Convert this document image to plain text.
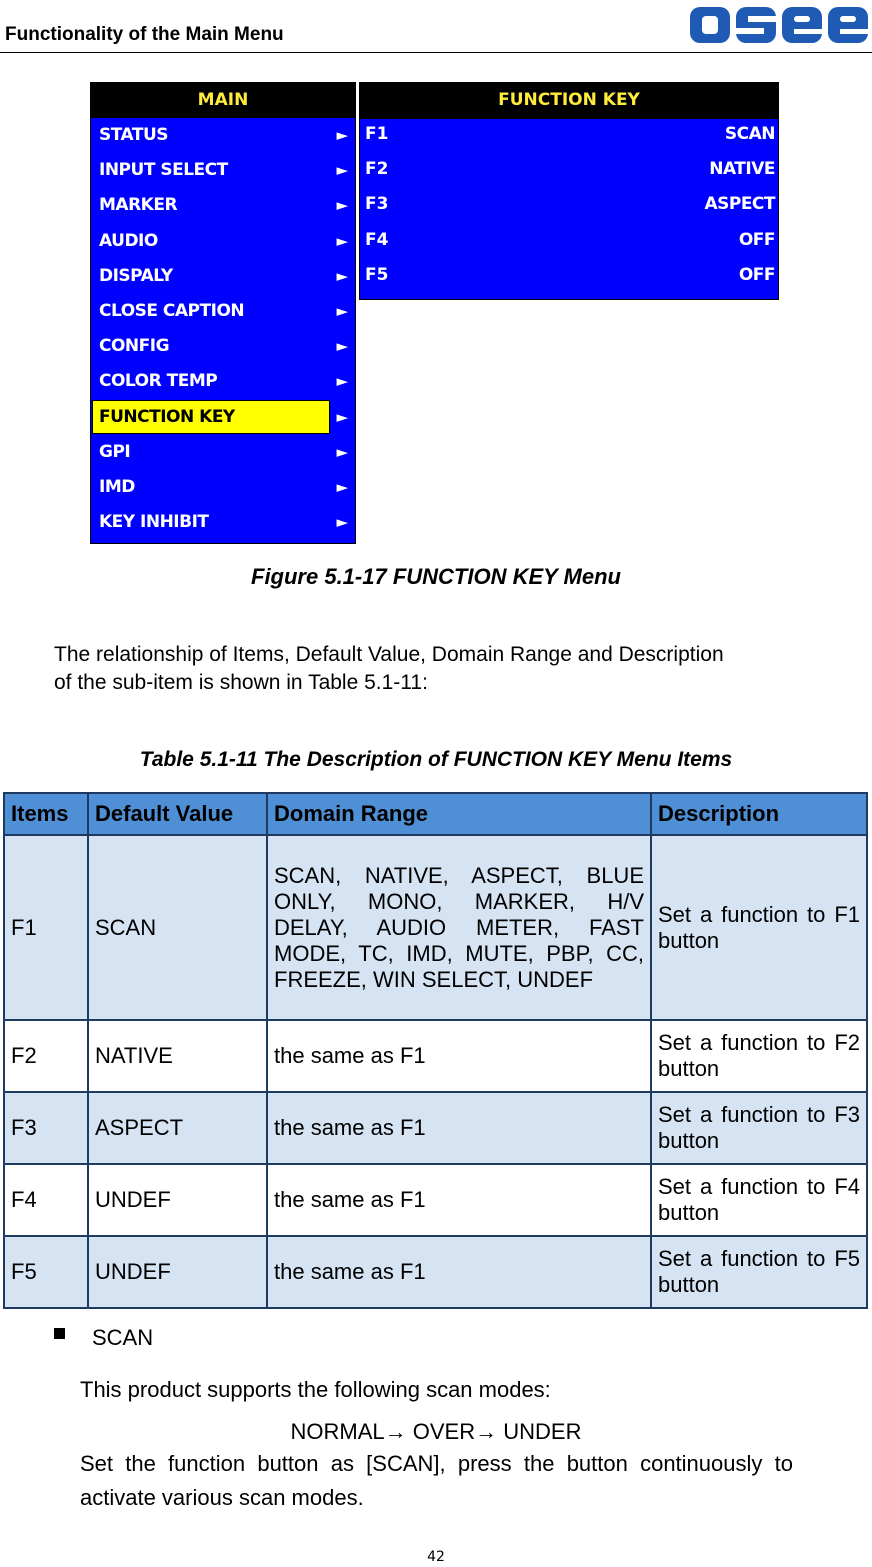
Functionality of the Main Menu
MAIN
STATUS	►
INPUT SELECT	►
MARKER	►
AUDIO	►
DISPALY	►
CLOSE CAPTION	►
CONFIG	►
COLOR TEMP	►
FUNCTION KEY	►
GPI	►
IMD	►
KEY INHIBIT	►
FUNCTION KEY
F1	SCAN
F2	NATIVE
F3	ASPECT
F4	OFF
F5	OFF
Figure 5.1-17 FUNCTION KEY Menu
The relationship of Items, Default Value, Domain Range and Description
of the sub-item is shown in Table 5.1-11:
Table 5.1-11 The Description of FUNCTION KEY Menu Items
Items	Default Value	Domain Range	Description
F1	SCAN	SCAN, NATIVE, ASPECT, BLUE ONLY, MONO, MARKER, H/V DELAY, AUDIO METER, FAST MODE, TC, IMD, MUTE, PBP, CC, FREEZE, WIN SELECT, UNDEF	Set a function to F1 button
F2	NATIVE	the same as F1	Set a function to F2 button
F3	ASPECT	the same as F1	Set a function to F3 button
F4	UNDEF	the same as F1	Set a function to F4 button
F5	UNDEF	the same as F1	Set a function to F5 button
SCAN
This product supports the following scan modes:
NORMAL→ OVER→ UNDER
Set  the  function  button  as  [SCAN],  press  the  button  continuously  to
activate various scan modes.
42
